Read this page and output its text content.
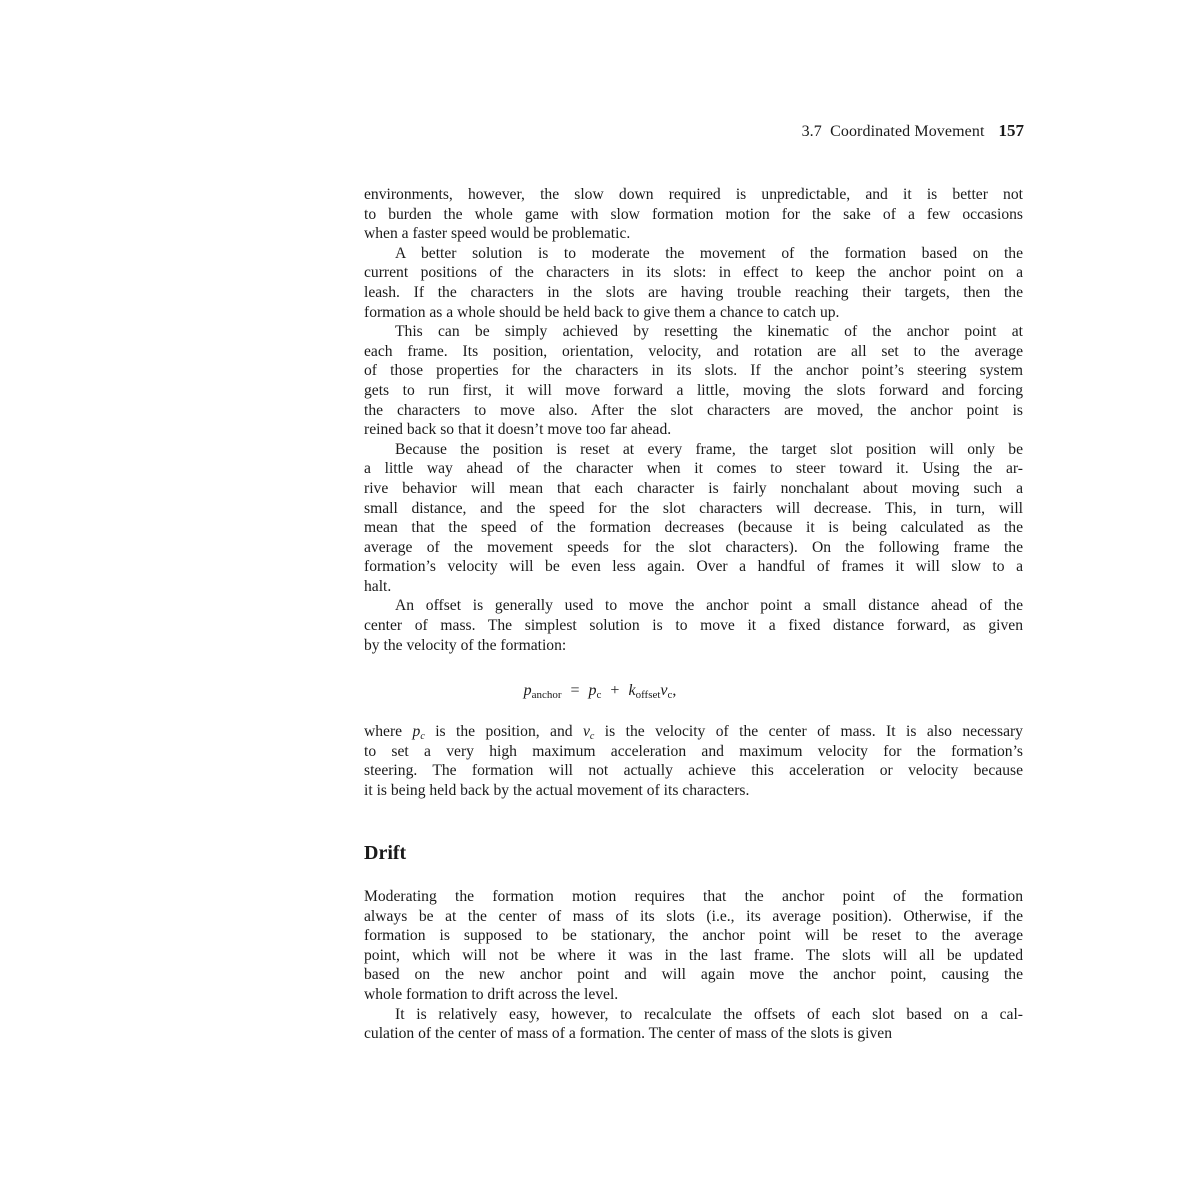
3.7  Coordinated Movement 157
environments, however, the slow down required is unpredictable, and it is better not
to burden the whole game with slow formation motion for the sake of a few occasions
when a faster speed would be problematic.
A better solution is to moderate the movement of the formation based on the
current positions of the characters in its slots: in effect to keep the anchor point on a
leash. If the characters in the slots are having trouble reaching their targets, then the
formation as a whole should be held back to give them a chance to catch up.
This can be simply achieved by resetting the kinematic of the anchor point at
each frame. Its position, orientation, velocity, and rotation are all set to the average
of those properties for the characters in its slots. If the anchor point’s steering system
gets to run first, it will move forward a little, moving the slots forward and forcing
the characters to move also. After the slot characters are moved, the anchor point is
reined back so that it doesn’t move too far ahead.
Because the position is reset at every frame, the target slot position will only be
a little way ahead of the character when it comes to steer toward it. Using the ar-
rive behavior will mean that each character is fairly nonchalant about moving such a
small distance, and the speed for the slot characters will decrease. This, in turn, will
mean that the speed of the formation decreases (because it is being calculated as the
average of the movement speeds for the slot characters). On the following frame the
formation’s velocity will be even less again. Over a handful of frames it will slow to a
halt.
An offset is generally used to move the anchor point a small distance ahead of the
center of mass. The simplest solution is to move it a fixed distance forward, as given
by the velocity of the formation:
$p_{anchor} = p_c + k_{offset}v_c$,
where $p_c$ is the position, and $v_c$ is the velocity of the center of mass. It is also necessary
to set a very high maximum acceleration and maximum velocity for the formation’s
steering. The formation will not actually achieve this acceleration or velocity because
it is being held back by the actual movement of its characters.
Drift
Moderating the formation motion requires that the anchor point of the formation
always be at the center of mass of its slots (i.e., its average position). Otherwise, if the
formation is supposed to be stationary, the anchor point will be reset to the average
point, which will not be where it was in the last frame. The slots will all be updated
based on the new anchor point and will again move the anchor point, causing the
whole formation to drift across the level.
It is relatively easy, however, to recalculate the offsets of each slot based on a cal-
culation of the center of mass of a formation. The center of mass of the slots is given
